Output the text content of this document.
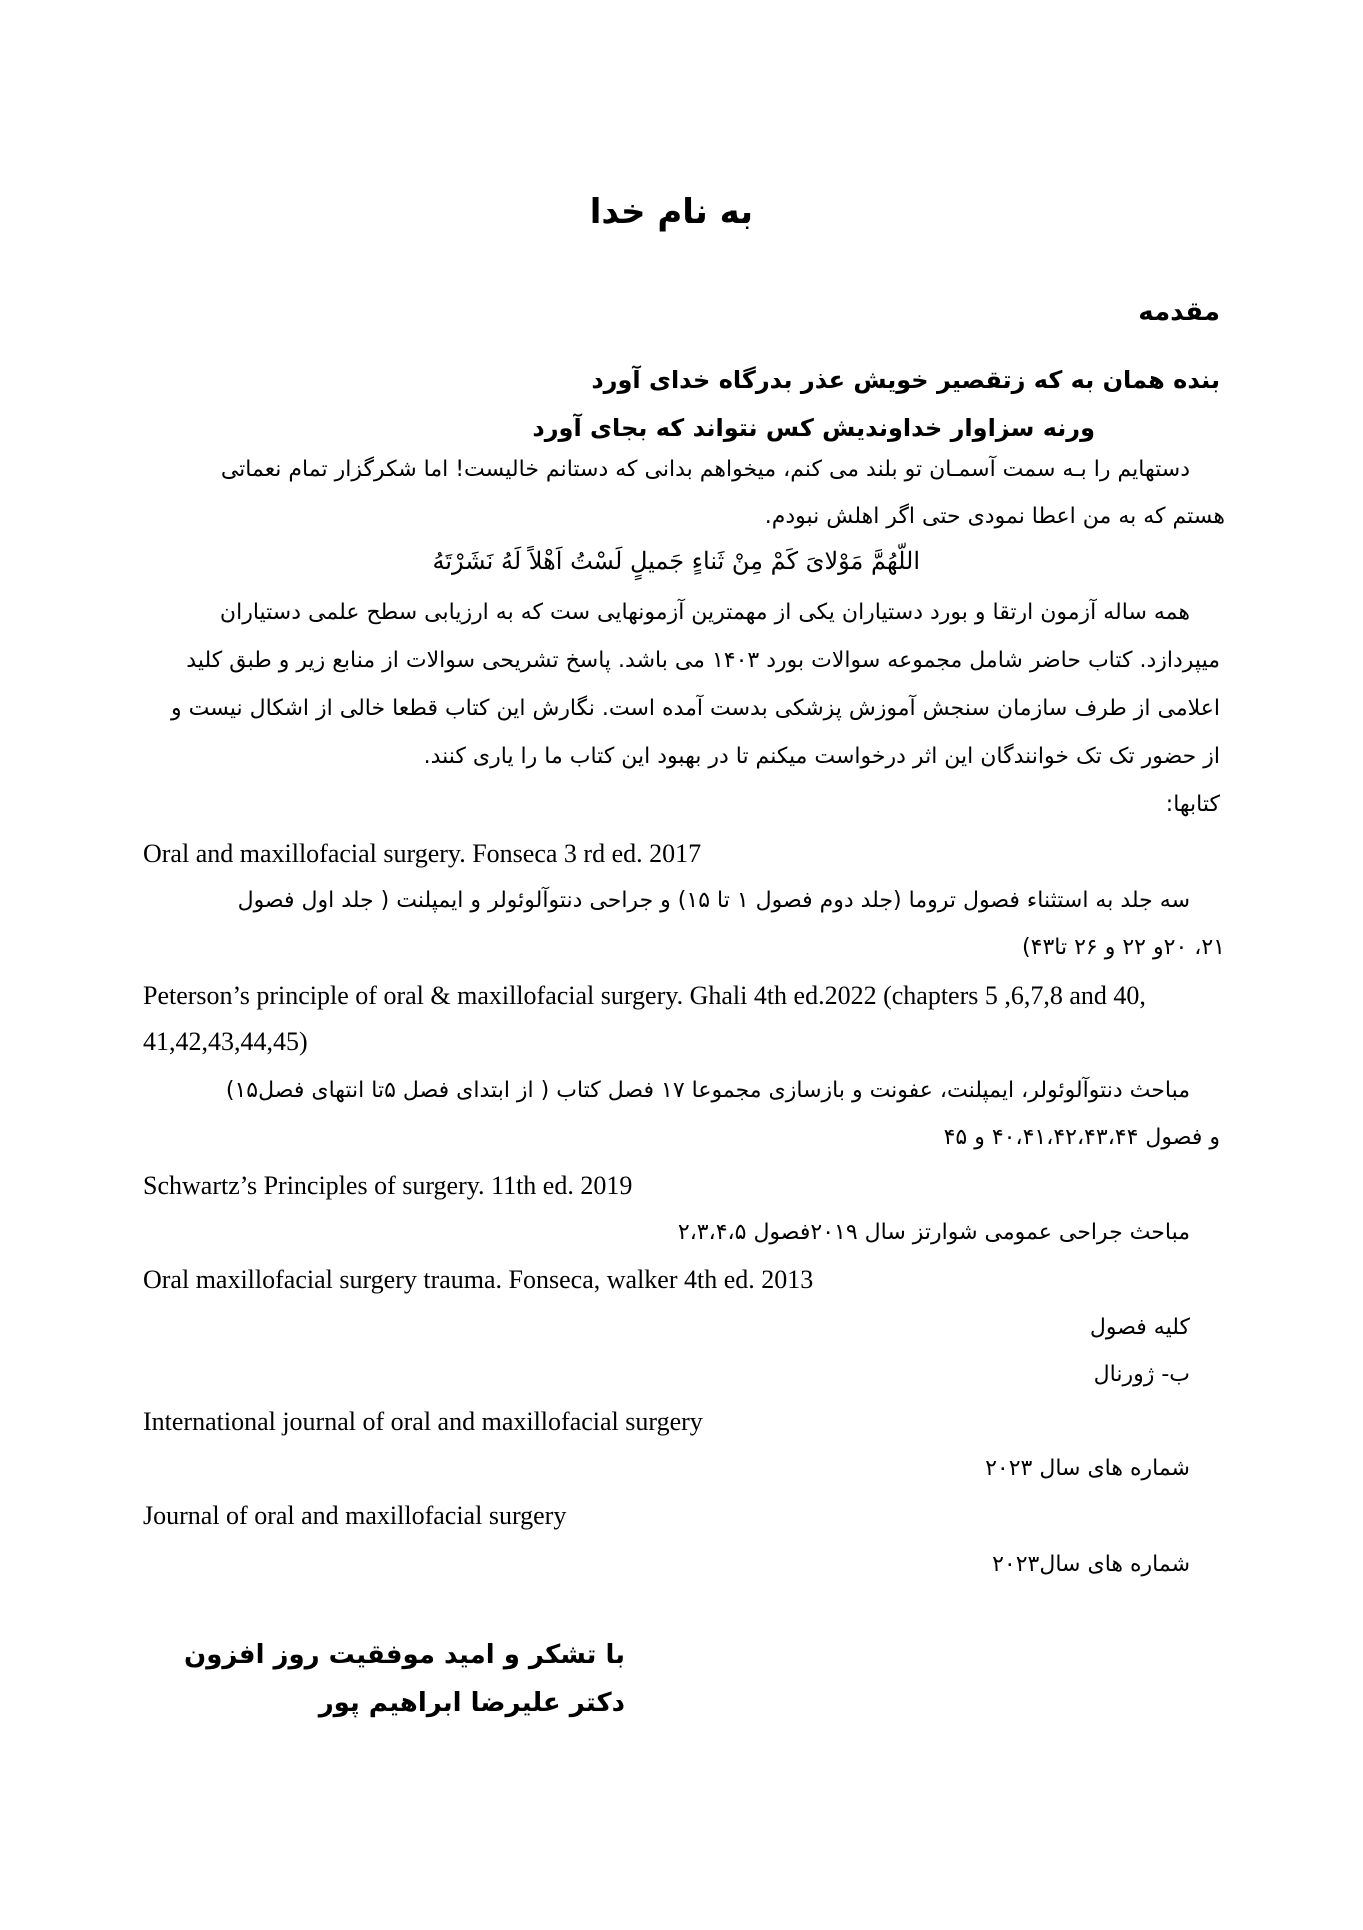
به نام خدا
مقدمه

بنده همان به که زتقصیر خویش عذر بدرگاه خدای آورد

ورنه سزاوار خداوندیش کس نتواند که بجای آورد

دستهایم را بـه سمت آسمـان تو بلند می کنم، میخواهم بدانی که دستانم خالیست! اما شکرگزار تمام نعماتی

هستم که به من اعطا نمودی حتی اگر اهلش نبودم.

اللّهُمَّ مَوْلایَ کَمْ مِنْ ثَناءٍ جَمیلٍ لَسْتُ اَهْلاً لَهُ نَشَرْتَهُ

همه ساله آزمون ارتقا و بورد دستیاران یکی از مهمترین آزمونهایی ست که به ارزیابی سطح علمی دستیاران

میپردازد. کتاب حاضر شامل مجموعه سوالات بورد ۱۴۰۳ می باشد. پاسخ تشریحی سوالات از منابع زیر و طبق کلید

اعلامی از طرف سازمان سنجش آموزش پزشکی بدست آمده است. نگارش این کتاب قطعا خالی از اشکال نیست و

از حضور تک تک خوانندگان این اثر درخواست میکنم تا در بهبود این کتاب ما را یاری کنند.

کتابها:

Oral and maxillofacial surgery. Fonseca 3 rd ed. 2017

سه جلد به استثناء فصول تروما (جلد دوم فصول ۱ تا ۱۵) و جراحی دنتوآلوئولر و ایمپلنت ( جلد اول فصول

۲۱، ۲۰و ۲۲ و ۲۶ تا۴۳)

Peterson’s principle of oral & maxillofacial surgery. Ghali 4th ed.2022 (chapters 5 ,6,7,8 and 40,

41,42,43,44,45)

مباحث دنتوآلوئولر، ایمپلنت، عفونت و بازسازی مجموعا ۱۷ فصل کتاب ( از ابتدای فصل ۵تا انتهای فصل۱۵)

و فصول ۴۰،۴۱،۴۲،۴۳،۴۴ و ۴۵

Schwartz’s Principles of surgery. 11th ed. 2019

مباحث جراحی عمومی شوارتز سال ۲۰۱۹فصول ۲،۳،۴،۵

Oral maxillofacial surgery trauma. Fonseca, walker 4th ed. 2013

کلیه فصول

ب- ژورنال

International journal of oral and maxillofacial surgery

شماره های سال ۲۰۲۳

Journal of oral and maxillofacial surgery

شماره های سال۲۰۲۳

با تشکر و امید موفقیت روز افزون

دکتر علیرضا ابراهیم پور
